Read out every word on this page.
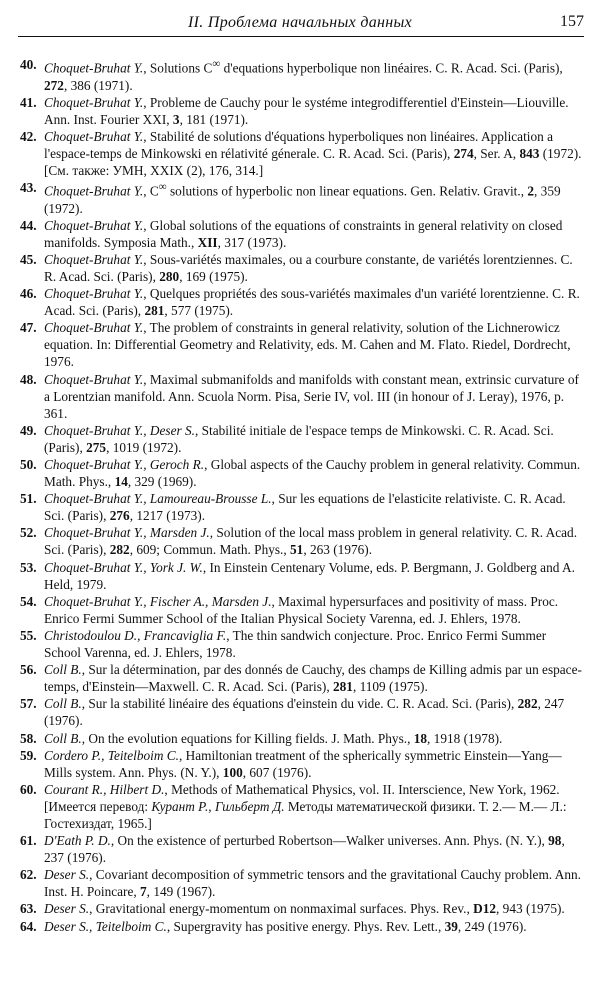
II. Проблема начальных данных	157
40. Choquet-Bruhat Y., Solutions C∞ d'equations hyperbolique non linéaires. C. R. Acad. Sci. (Paris), 272, 386 (1971).
41. Choquet-Bruhat Y., Probleme de Cauchy pour le systéme integrodifferentiel d'Einstein—Liouville. Ann. Inst. Fourier XXI, 3, 181 (1971).
42. Choquet-Bruhat Y., Stabilité de solutions d'équations hyperboliques non linéaires. Application a l'espace-temps de Minkowski en rélativité génerale. C. R. Acad. Sci. (Paris), 274, Ser. A, 843 (1972). [См. также: УМН, XXIX (2), 176, 314.]
43. Choquet-Bruhat Y., C∞ solutions of hyperbolic non linear equations. Gen. Relativ. Gravit., 2, 359 (1972).
44. Choquet-Bruhat Y., Global solutions of the equations of constraints in general relativity on closed manifolds. Symposia Math., XII, 317 (1973).
45. Choquet-Bruhat Y., Sous-variétés maximales, ou a courbure constante, de variétés lorentziennes. C. R. Acad. Sci. (Paris), 280, 169 (1975).
46. Choquet-Bruhat Y., Quelques propriétés des sous-variétés maximales d'un variété lorentzienne. C. R. Acad. Sci. (Paris), 281, 577 (1975).
47. Choquet-Bruhat Y., The problem of constraints in general relativity, solution of the Lichnerowicz equation. In: Differential Geometry and Relativity, eds. M. Cahen and M. Flato. Riedel, Dordrecht, 1976.
48. Choquet-Bruhat Y., Maximal submanifolds and manifolds with constant mean, extrinsic curvature of a Lorentzian manifold. Ann. Scuola Norm. Pisa, Serie IV, vol. III (in honour of J. Leray), 1976, p. 361.
49. Choquet-Bruhat Y., Deser S., Stabilité initiale de l'espace temps de Minkowski. C. R. Acad. Sci. (Paris), 275, 1019 (1972).
50. Choquet-Bruhat Y., Geroch R., Global aspects of the Cauchy problem in general relativity. Commun. Math. Phys., 14, 329 (1969).
51. Choquet-Bruhat Y., Lamoureau-Brousse L., Sur les equations de l'elasticite relativiste. C. R. Acad. Sci. (Paris), 276, 1217 (1973).
52. Choquet-Bruhat Y., Marsden J., Solution of the local mass problem in general relativity. C. R. Acad. Sci. (Paris), 282, 609; Commun. Math. Phys., 51, 263 (1976).
53. Choquet-Bruhat Y., York J. W., In Einstein Centenary Volume, eds. P. Bergmann, J. Goldberg and A. Held, 1979.
54. Choquet-Bruhat Y., Fischer A., Marsden J., Maximal hypersurfaces and positivity of mass. Proc. Enrico Fermi Summer School of the Italian Physical Society Varenna, ed. J. Ehlers, 1978.
55. Christodoulou D., Francaviglia F., The thin sandwich conjecture. Proc. Enrico Fermi Summer School Varenna, ed. J. Ehlers, 1978.
56. Coll B., Sur la détermination, par des donnés de Cauchy, des champs de Killing admis par un espace-temps, d'Einstein—Maxwell. C. R. Acad. Sci. (Paris), 281, 1109 (1975).
57. Coll B., Sur la stabilité linéaire des équations d'einstein du vide. C. R. Acad. Sci. (Paris), 282, 247 (1976).
58. Coll B., On the evolution equations for Killing fields. J. Math. Phys., 18, 1918 (1978).
59. Cordero P., Teitelboim C., Hamiltonian treatment of the spherically symmetric Einstein—Yang—Mills system. Ann. Phys. (N. Y.), 100, 607 (1976).
60. Courant R., Hilbert D., Methods of Mathematical Physics, vol. II. Interscience, New York, 1962. [Имеется перевод: Курант Р., Гильберт Д. Методы математической физики. Т. 2.— М.— Л.: Гостехиздат, 1965.]
61. D'Eath P. D., On the existence of perturbed Robertson—Walker universes. Ann. Phys. (N. Y.), 98, 237 (1976).
62. Deser S., Covariant decomposition of symmetric tensors and the gravitational Cauchy problem. Ann. Inst. H. Poincare, 7, 149 (1967).
63. Deser S., Gravitational energy-momentum on nonmaximal surfaces. Phys. Rev., D12, 943 (1975).
64. Deser S., Teitelboim C., Supergravity has positive energy. Phys. Rev. Lett., 39, 249 (1976).
